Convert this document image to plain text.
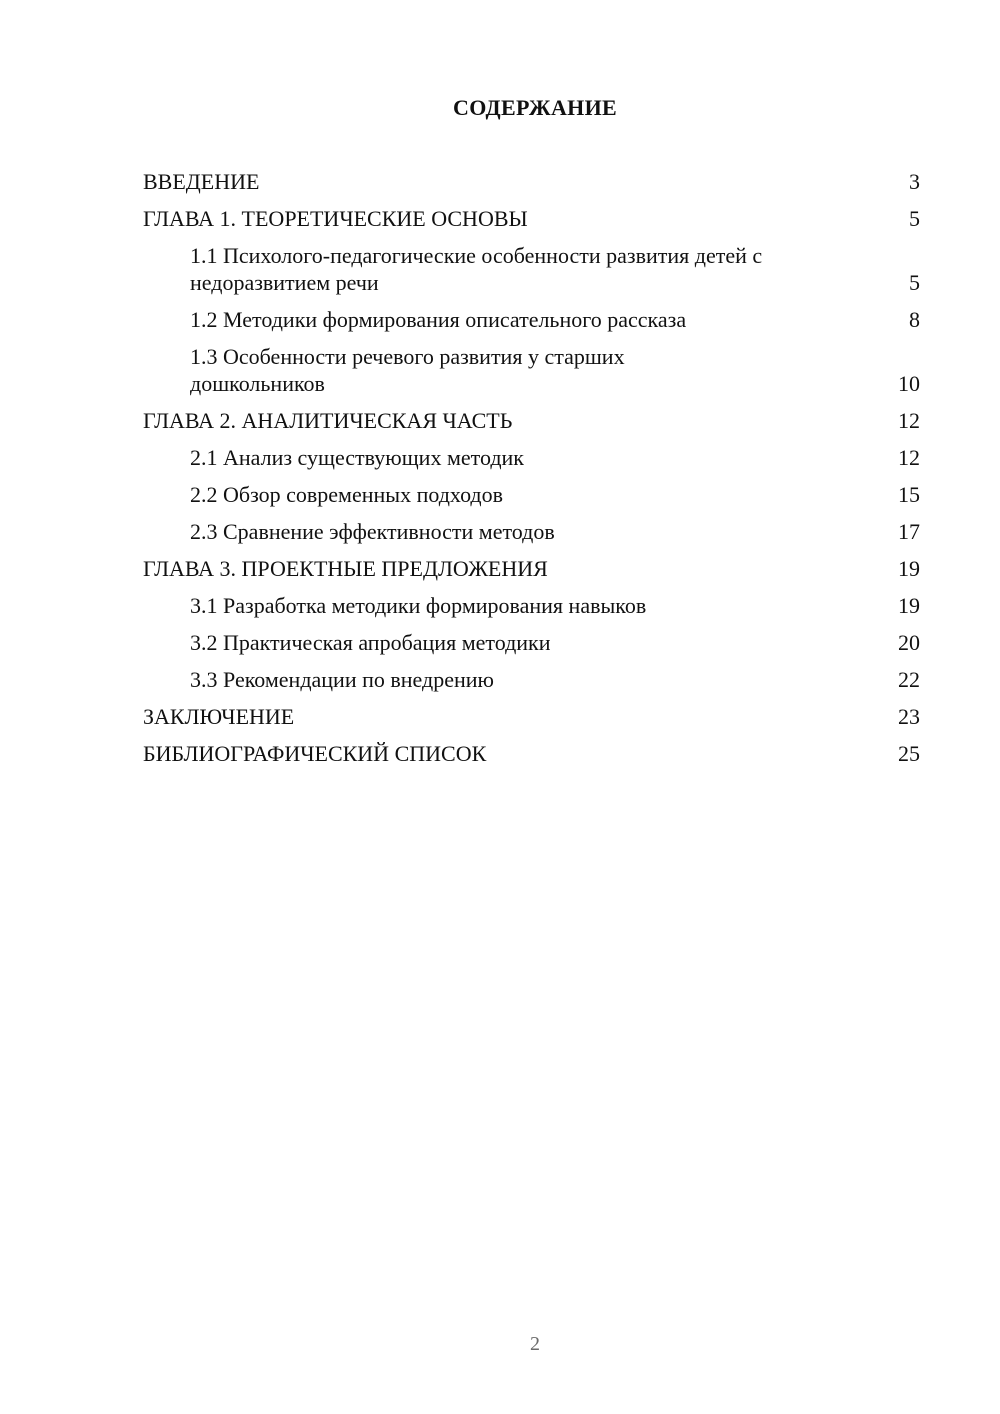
СОДЕРЖАНИЕ
ВВЕДЕНИЕ	3
ГЛАВА 1. ТЕОРЕТИЧЕСКИЕ ОСНОВЫ	5
1.1 Психолого-педагогические особенности развития детей с недоразвитием речи	5
1.2 Методики формирования описательного рассказа	8
1.3 Особенности речевого развития у старших дошкольников	10
ГЛАВА 2. АНАЛИТИЧЕСКАЯ ЧАСТЬ	12
2.1 Анализ существующих методик	12
2.2 Обзор современных подходов	15
2.3 Сравнение эффективности методов	17
ГЛАВА 3. ПРОЕКТНЫЕ ПРЕДЛОЖЕНИЯ	19
3.1 Разработка методики формирования навыков	19
3.2 Практическая апробация методики	20
3.3 Рекомендации по внедрению	22
ЗАКЛЮЧЕНИЕ	23
БИБЛИОГРАФИЧЕСКИЙ СПИСОК	25
2
